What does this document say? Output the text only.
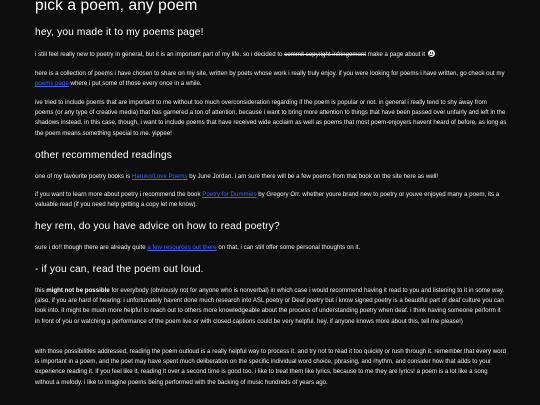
pick a poem, any poem
hey, you made it to my poems page!

i still feel really new to poetry in general, but it is an important part of my life. so i decided to commit copyright infringement make a page about it

here is a collection of poems i have chosen to share on my site, written by poets whose work i really truly enjoy. if you were looking for poems i have written, go check out my poems page where i put some of those every once in a while.

ive tried to include poems that are important to me without too much overconsideration regarding if the poem is popular or not. in general i really tend to shy away from poems (or any type of creative media) that has garnered a ton of attention, because i want to bring more attention to things that have been passed over unfairly and left in the shadows instead. in this case, though, i want to include poems that have received wide acclaim as well as poems that most poem-enjoyers havent heard of before, as long as the poem means something special to me. yippee!

other recommended readings

one of my favourite poetry books is Haruko/Love Poems by June Jordan. i am sure there will be a few poems from that book on the site here as well!

if you want to learn more about poetry i recommend the book Poetry for Dummies by Gregory Orr. whether youre brand new to poetry or youve enjoyed many a poem, its a valuable read (if you need help getting a copy let me know).

hey rem, do you have advice on how to read poetry?

sure i do!! though there are already quite a few resources out there on that, i can still offer some personal thoughts on it.

- if you can, read the poem out loud.

this might not be possible for everybody (obviously not for anyone who is nonverbal) in which case i would recommend having it read to you and listening to it in some way. (also, if you are hard of hearing: i unfortunately havent done much research into ASL poetry or Deaf poetry but i know signed poetry is a beautiful part of deaf culture you can look into. it might be much more helpful to reach out to others more knowledgeable about the process of understanding poetry when deaf. i think having someone perform it in front of you or watching a performance of the poem live or with closed captions could be very helpful. hey, if anyone knows more about this, tell me please!)

with those possibilities addressed, reading the poem outloud is a really helpful way to process it. and try not to read it too quickly or rush through it. remember that every word is important in a poem, and the poet may have spent much deliberation on the specific individual word choice, phrasing, and rhythm, and consider how that adds to your experience reading it. if you feel like it, reading it over a second time is good too. i like to treat them like lyrics, because to me they are lyrics! a poem is a lot like a song without a melody. i like to imagine poems being performed with the backing of music hundreds of years ago.
